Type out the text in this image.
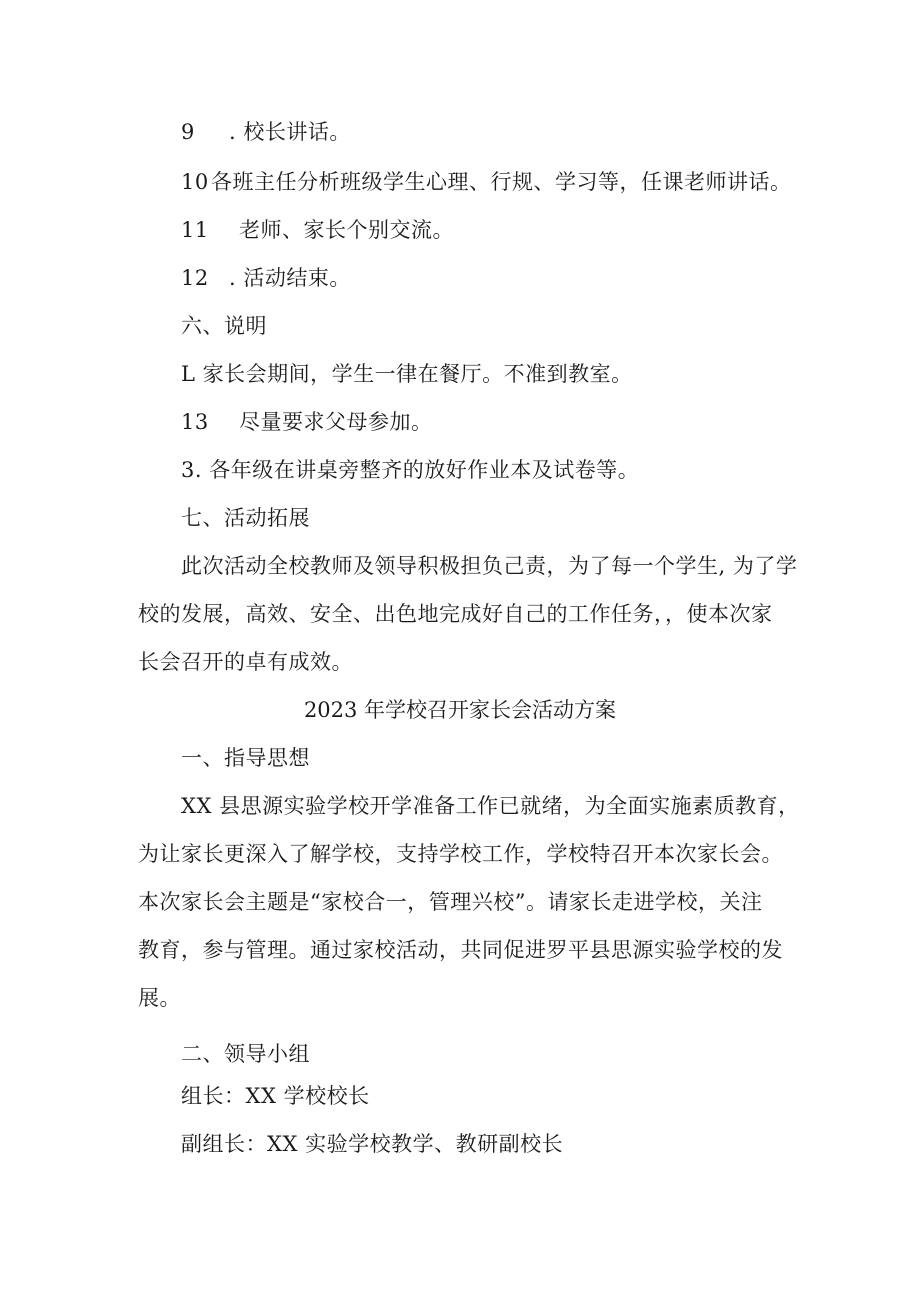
9 . 校长讲话。
10 各班主任分析班级学生心理、行规、学习等，任课老师讲话。
11 老师、家长个别交流。
12 . 活动结束。
六、说明
L 家长会期间，学生一律在餐厅。不准到教室。
13 尽量要求父母参加。
3. 各年级在讲桌旁整齐的放好作业本及试卷等。
七、活动拓展
此次活动全校教师及领导积极担负己责，为了每一个学生, 为了学
校的发展，高效、安全、出色地完成好自己的工作任务，，使本次家
长会召开的卓有成效。
2023 年学校召开家长会活动方案
一、指导思想
XX 县思源实验学校开学准备工作已就绪，为全面实施素质教育，
为让家长更深入了解学校，支持学校工作，学校特召开本次家长会。
本次家长会主题是“家校合一，管理兴校”。请家长走进学校，关注
教育，参与管理。通过家校活动，共同促进罗平县思源实验学校的发
展。
二、领导小组
组长：XX 学校校长
副组长：XX 实验学校教学、教研副校长
